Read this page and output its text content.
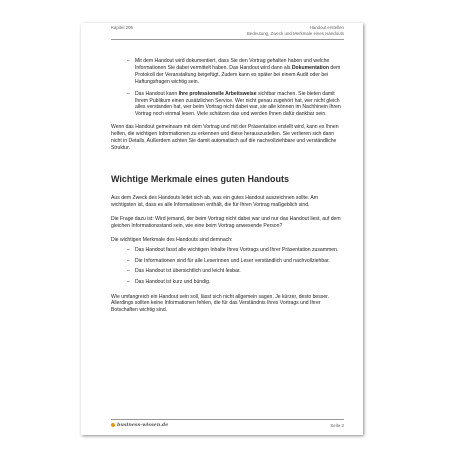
Kapitel 205	Handout erstellen
Bedeutung, Zweck und Merkmale eines Handouts
– Mit dem Handout wird dokumentiert, dass Sie den Vortrag gehalten haben und welche Informationen Sie dabei vermittelt haben. Das Handout wird dann als Dokumentation dem Protokoll der Veranstaltung beigefügt. Zudem kann es später bei einem Audit oder bei Haftungsfragen wichtig sein.
– Das Handout kann Ihre professionelle Arbeitsweise sichtbar machen. Sie bieten damit Ihrem Publikum einen zusätzlichen Service. Wer nicht genau zugehört hat, wer nicht gleich alles verstanden hat, wer beim Vortrag nicht dabei war, sie alle können im Nachhinein Ihren Vortrag noch einmal lesen. Viele schätzen das und werden Ihnen dafür dankbar sein.

Wenn das Handout gemeinsam mit dem Vortrag und mit der Präsentation erstellt wird, kann es Ihnen helfen, die wichtigen Informationen zu erkennen und diese herauszustellen. Sie verlieren sich dann nicht in Details. Außerdem achten Sie damit automatisch auf die nachvollziehbare und verständliche Struktur.

Wichtige Merkmale eines guten Handouts

Aus dem Zweck des Handouts leitet sich ab, was ein gutes Handout auszeichnen sollte. Am wichtigsten ist, dass es alle Informationen enthält, die für Ihren Vortrag maßgeblich sind.

Die Frage dazu ist: Wird jemand, der beim Vortrag nicht dabei war und nur das Handout liest, auf dem gleichen Informationsstand sein, wie eine beim Vortrag anwesende Person?

Die wichtigen Merkmale des Handouts sind demnach:

– Das Handout fasst alle wichtigen Inhalte Ihres Vortrags und Ihrer Präsentation zusammen.
– Die Informationen sind für alle Leserinnen und Leser verständlich und nachvollziehbar.
– Das Handout ist übersichtlich und leicht lesbar.
– Das Handout ist kurz und bündig.

Wie umfangreich ein Handout sein soll, lässt sich nicht allgemein sagen. Je kürzer, desto besser. Allerdings sollten keine Informationen fehlen, die für das Verständnis Ihres Vortrags und Ihrer Botschaften wichtig sind.

business-wissen.de	Seite 3
